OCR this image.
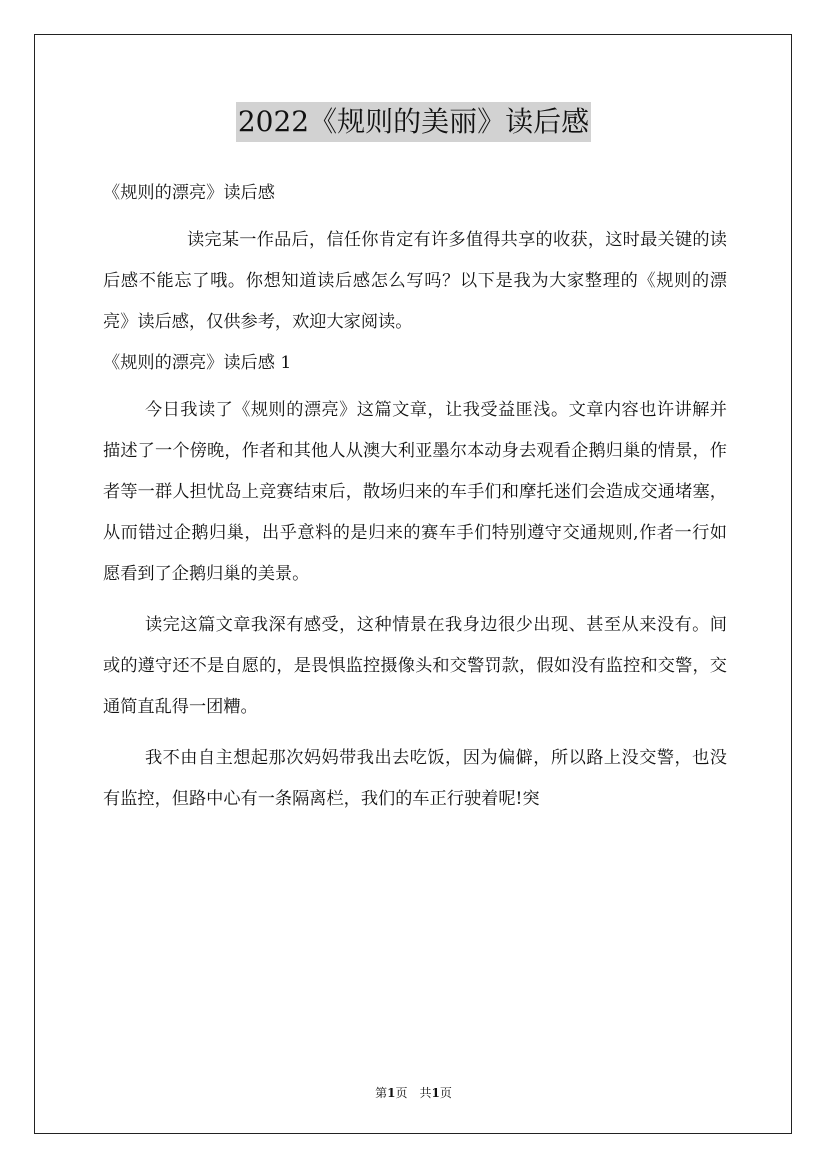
2022《规则的美丽》读后感

《规则的漂亮》读后感

读完某一作品后，信任你肯定有许多值得共享的收获，这时最关键的读后感不能忘了哦。你想知道读后感怎么写吗？以下是我为大家整理的《规则的漂亮》读后感，仅供参考，欢迎大家阅读。

《规则的漂亮》读后感 1

今日我读了《规则的漂亮》这篇文章，让我受益匪浅。文章内容也许讲解并描述了一个傍晚，作者和其他人从澳大利亚墨尔本动身去观看企鹅归巢的情景，作者等一群人担忧岛上竞赛结束后，散场归来的车手们和摩托迷们会造成交通堵塞，从而错过企鹅归巢，出乎意料的是归来的赛车手们特别遵守交通规则,作者一行如愿看到了企鹅归巢的美景。

读完这篇文章我深有感受，这种情景在我身边很少出现、甚至从来没有。间或的遵守还不是自愿的，是畏惧监控摄像头和交警罚款，假如没有监控和交警，交通简直乱得一团糟。

我不由自主想起那次妈妈带我出去吃饭，因为偏僻，所以路上没交警，也没有监控，但路中心有一条隔离栏，我们的车正行驶着呢!突

第1页　共1页
